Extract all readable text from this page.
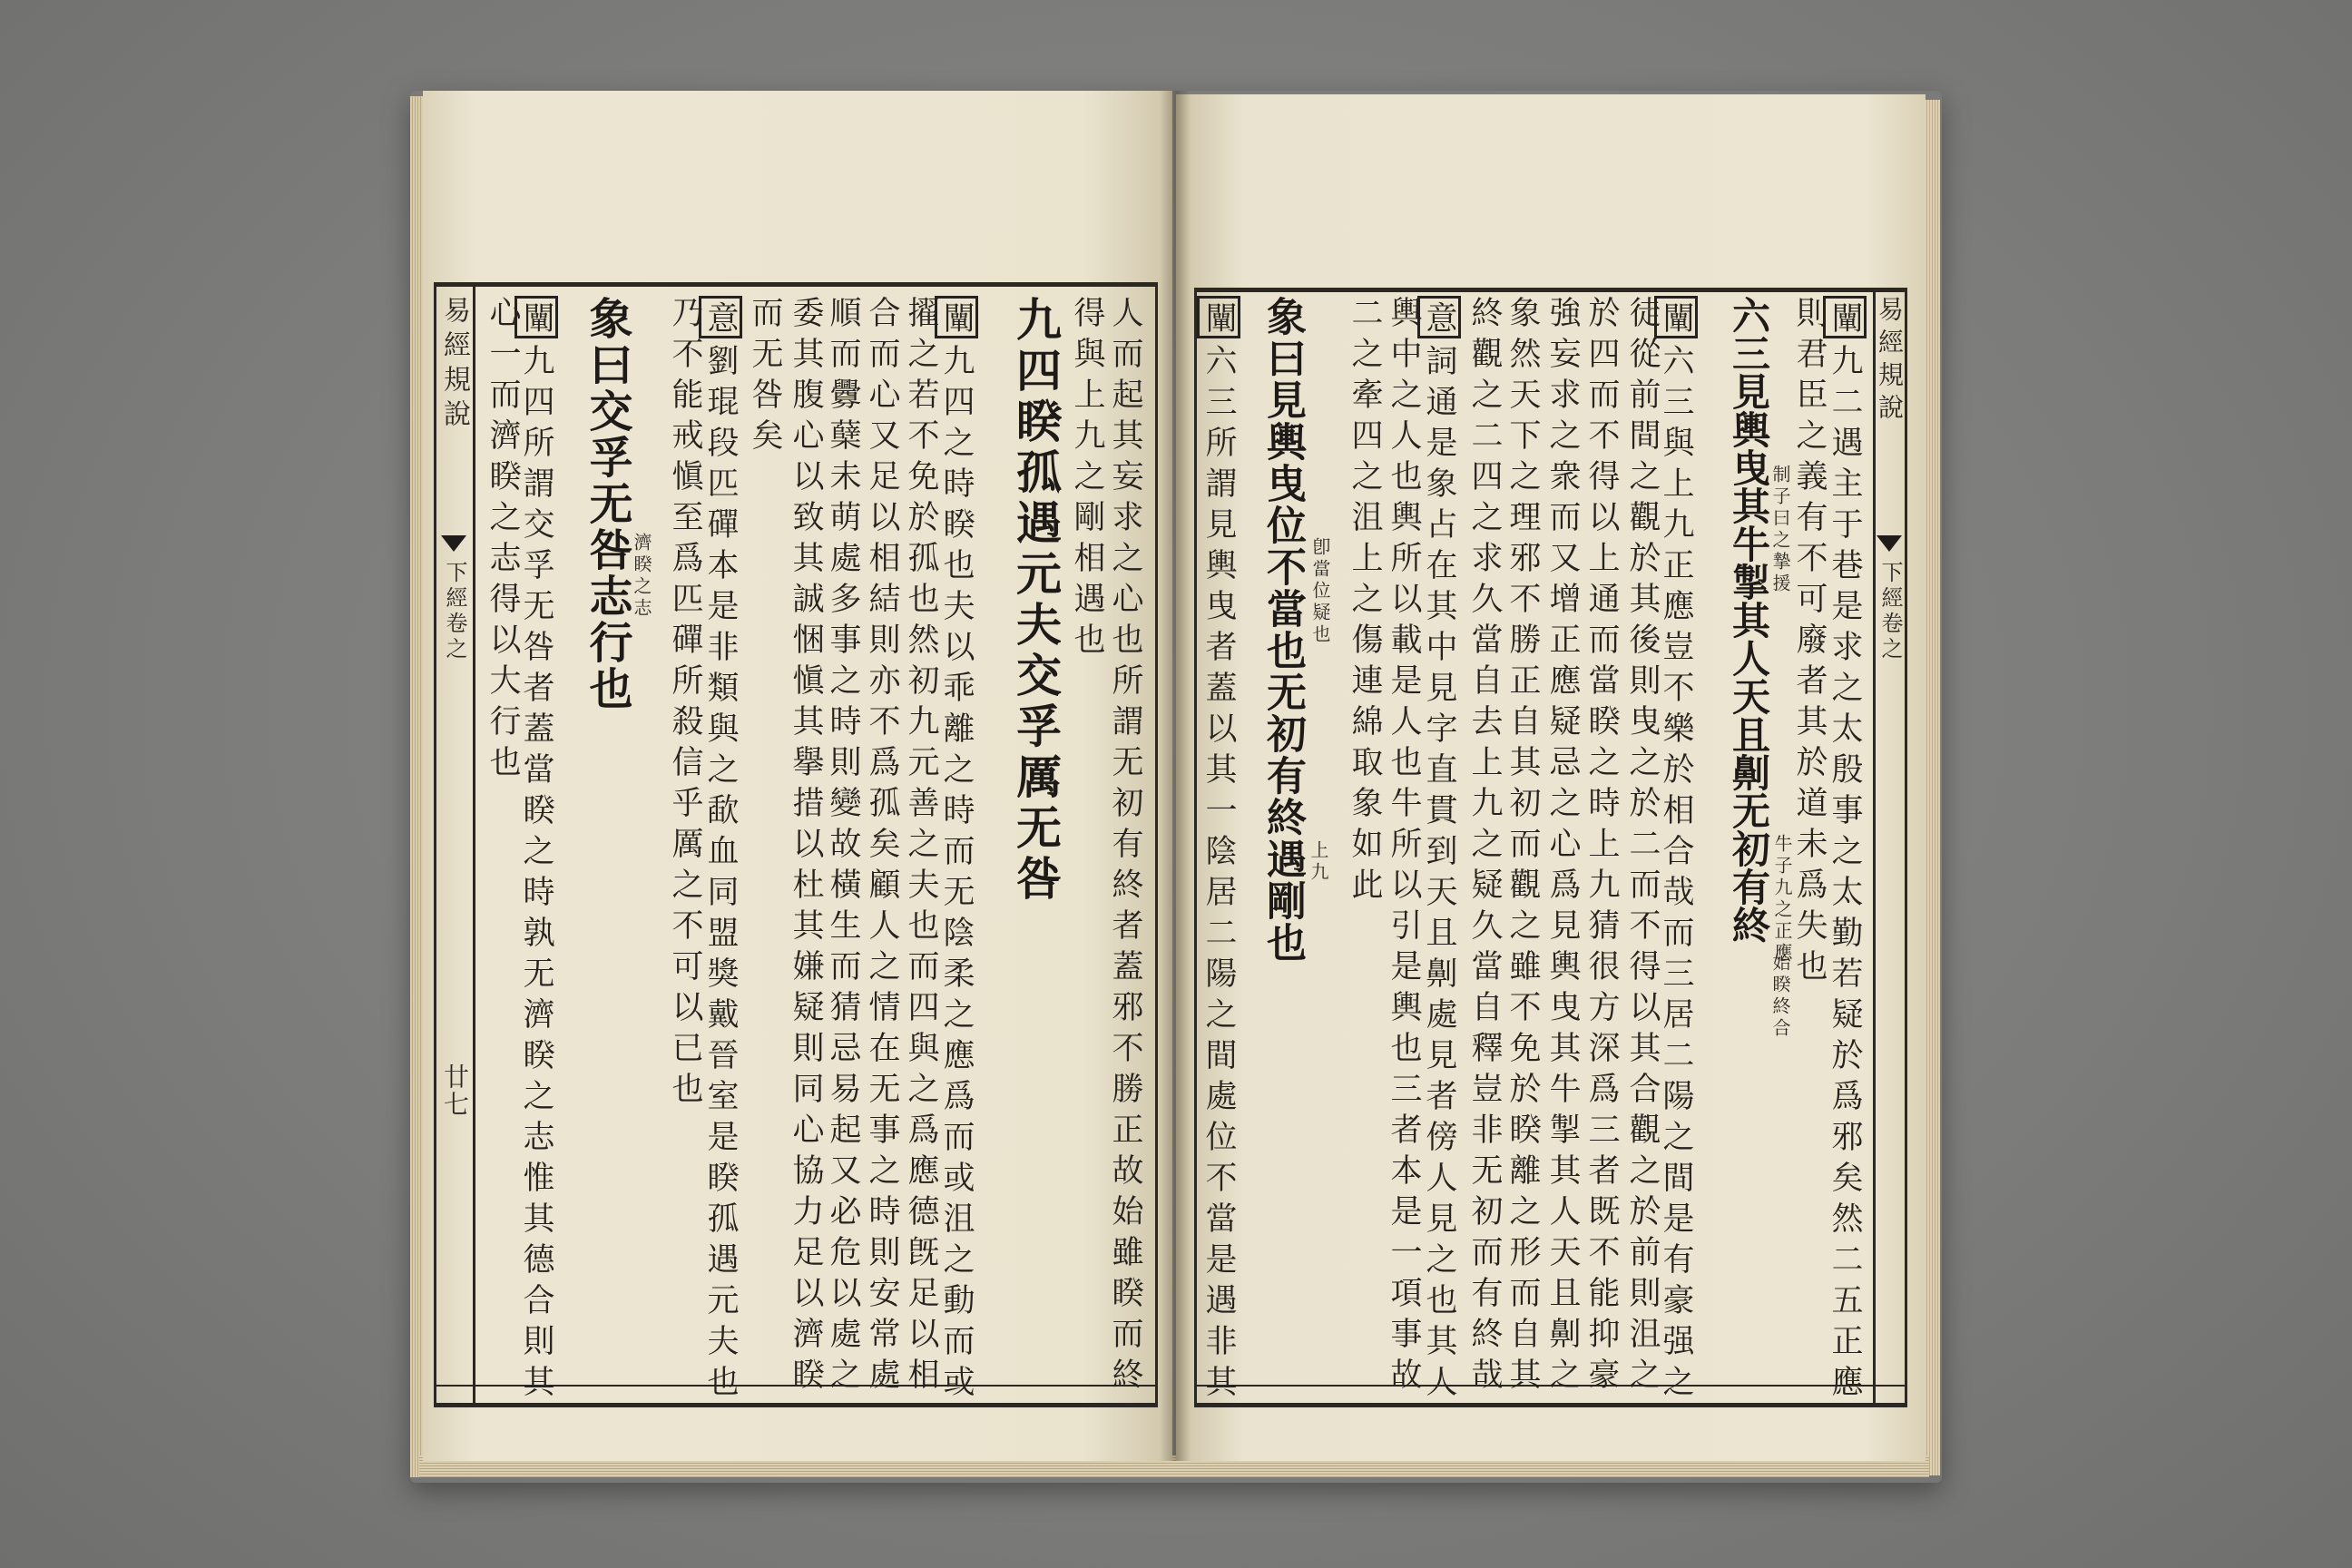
易經規說
下經卷之
廿七
易經規說
下經卷之
闡九二遇主于巷是求之太殷事之太勤若疑於爲邪矣然二五正應
則君臣之義有不可廢者其於道未爲失也
六三見輿曳其牛掣其人天且劓无初有終
制子曰之摯援
牛子九之正應
始睽終合
闡六三與上九正應豈不樂於相合哉而三居二陽之間是有豪强之
徒從前間之觀於其後則曳之於二而不得以其合觀之於前則沮之
於四而不得以上通而當睽之時上九猜很方深爲三者既不能抑豪
強妄求之衆而又增正應疑忌之心爲見輿曳其牛掣其人天且劓之
象然天下之理邪不勝正自其初而觀之雖不免於睽離之形而自其
終觀之二四之求久當自去上九之疑久當自釋豈非无初而有終哉
意詞通是象占在其中見字直貫到天且劓處見者傍人見之也其人
輿中之人也輿所以載是人也牛所以引是輿也三者本是一項事故
二之牽四之沮上之傷連綿取象如此
卽當位疑也
上九
象曰見輿曳位不當也无初有終遇剛也
闡六三所謂見輿曳者蓋以其一陰居二陽之間處位不當是遇非其
人而起其妄求之心也所謂无初有終者蓋邪不勝正故始雖睽而終
得與上九之剛相遇也
九四睽孤遇元夫交孚厲无咎
闡九四之時睽也夫以乖離之時而无陰柔之應爲而或沮之動而或
擢之若不免於孤也然初九元善之夫也而四與之爲應德旣足以相
合而心又足以相結則亦不爲孤矣顧人之情在无事之時則安常處
順而釁蘖未萌處多事之時則變故橫生而猜忌易起又必危以處之
委其腹心以致其誠悃愼其擧措以杜其嫌疑則同心協力足以濟睽
而无咎矣
意劉琨段匹磾本是非類與之歃血同盟獎戴晉室是睽孤遇元夫也
乃不能戒愼至爲匹磾所殺信乎厲之不可以已也
濟睽之志
象曰交孚无咎志行也
闡九四所謂交孚无咎者蓋當睽之時孰无濟睽之志惟其德合則其
心一而濟睽之志得以大行也
